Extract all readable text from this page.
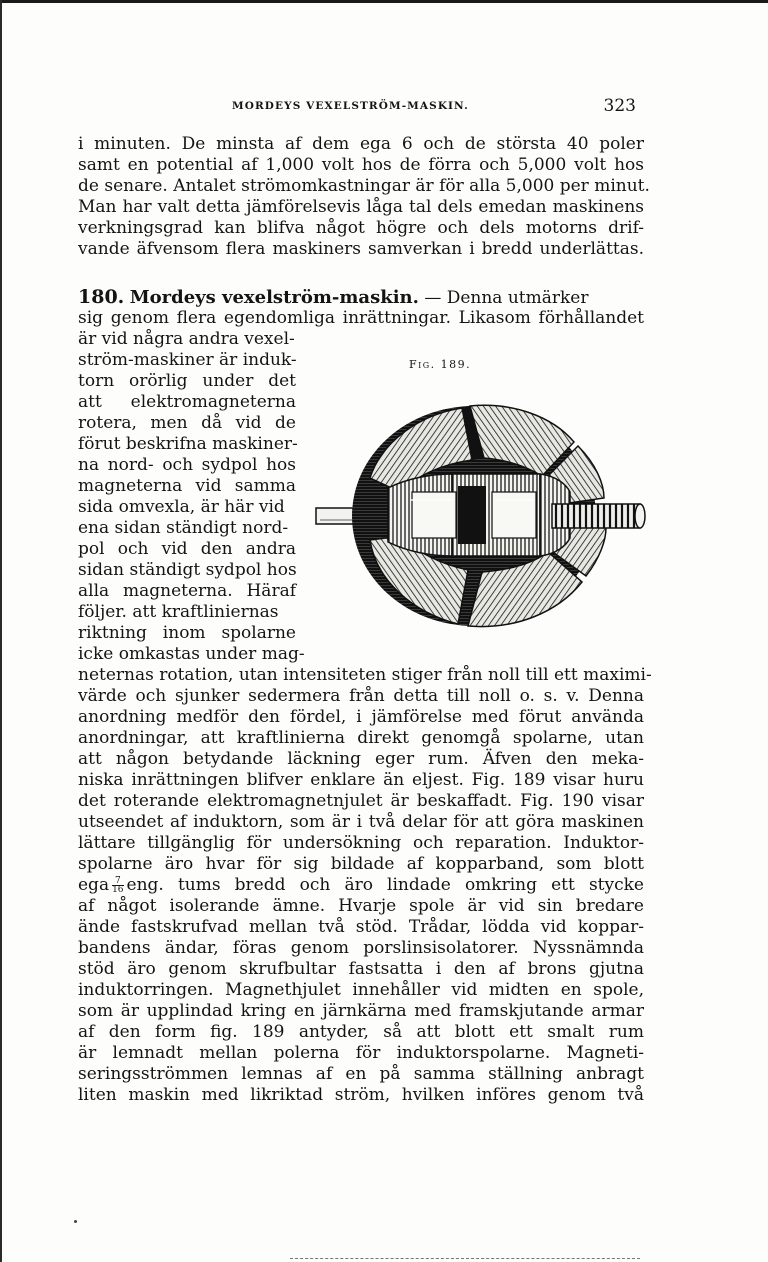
MORDEYS VEXELSTRÖM-MASKIN.	323
i minuten. De minsta af dem ega 6 och de största 40 poler
samt en potential af 1,000 volt hos de förra och 5,000 volt hos
de senare. Antalet strömomkastningar är för alla 5,000 per minut.
Man har valt detta jämförelsevis låga tal dels emedan maskinens
verkningsgrad kan blifva något högre och dels motorns drif-
vande äfvensom flera maskiners samverkan i bredd underlättas.
180. Mordeys vexelström-maskin. — Denna utmärker
sig genom flera egendomliga inrättningar. Likasom förhållandet
är vid några andra vexel-
ström-maskiner är induk-
torn orörlig under det
att elektromagneterna
rotera, men då vid de
förut beskrifna maskiner-
na nord- och sydpol hos
magneterna vid samma
sida omvexla, är här vid
ena sidan ständigt nord-
pol och vid den andra
sidan ständigt sydpol hos
alla magneterna. Häraf
följer. att kraftliniernas
riktning inom spolarne
icke omkastas under mag-
Fig. 189.
neternas rotation, utan intensiteten stiger från noll till ett maximi-
värde och sjunker sedermera från detta till noll o. s. v. Denna
anordning medför den fördel, i jämförelse med förut använda
anordningar, att kraftlinierna direkt genomgå spolarne, utan
att någon betydande läckning eger rum. Äfven den meka-
niska inrättningen blifver enklare än eljest. Fig. 189 visar huru
det roterande elektromagnetnjulet är beskaffadt. Fig. 190 visar
utseendet af induktorn, som är i två delar för att göra maskinen
lättare tillgänglig för undersökning och reparation. Induktor-
spolarne äro hvar för sig bildade af kopparband, som blott
ega $\frac{7}{16}$ eng. tums bredd och äro lindade omkring ett stycke
af något isolerande ämne. Hvarje spole är vid sin bredare
ände fastskrufvad mellan två stöd. Trådar, lödda vid koppar-
bandens ändar, föras genom porslinsisolatorer. Nyssnämnda
stöd äro genom skrufbultar fastsatta i den af brons gjutna
induktorringen. Magnethjulet innehåller vid midten en spole,
som är upplindad kring en järnkärna med framskjutande armar
af den form fig. 189 antyder, så att blott ett smalt rum
är lemnadt mellan polerna för induktorspolarne. Magneti-
seringsströmmen lemnas af en på samma ställning anbragt
liten maskin med likriktad ström, hvilken införes genom två
